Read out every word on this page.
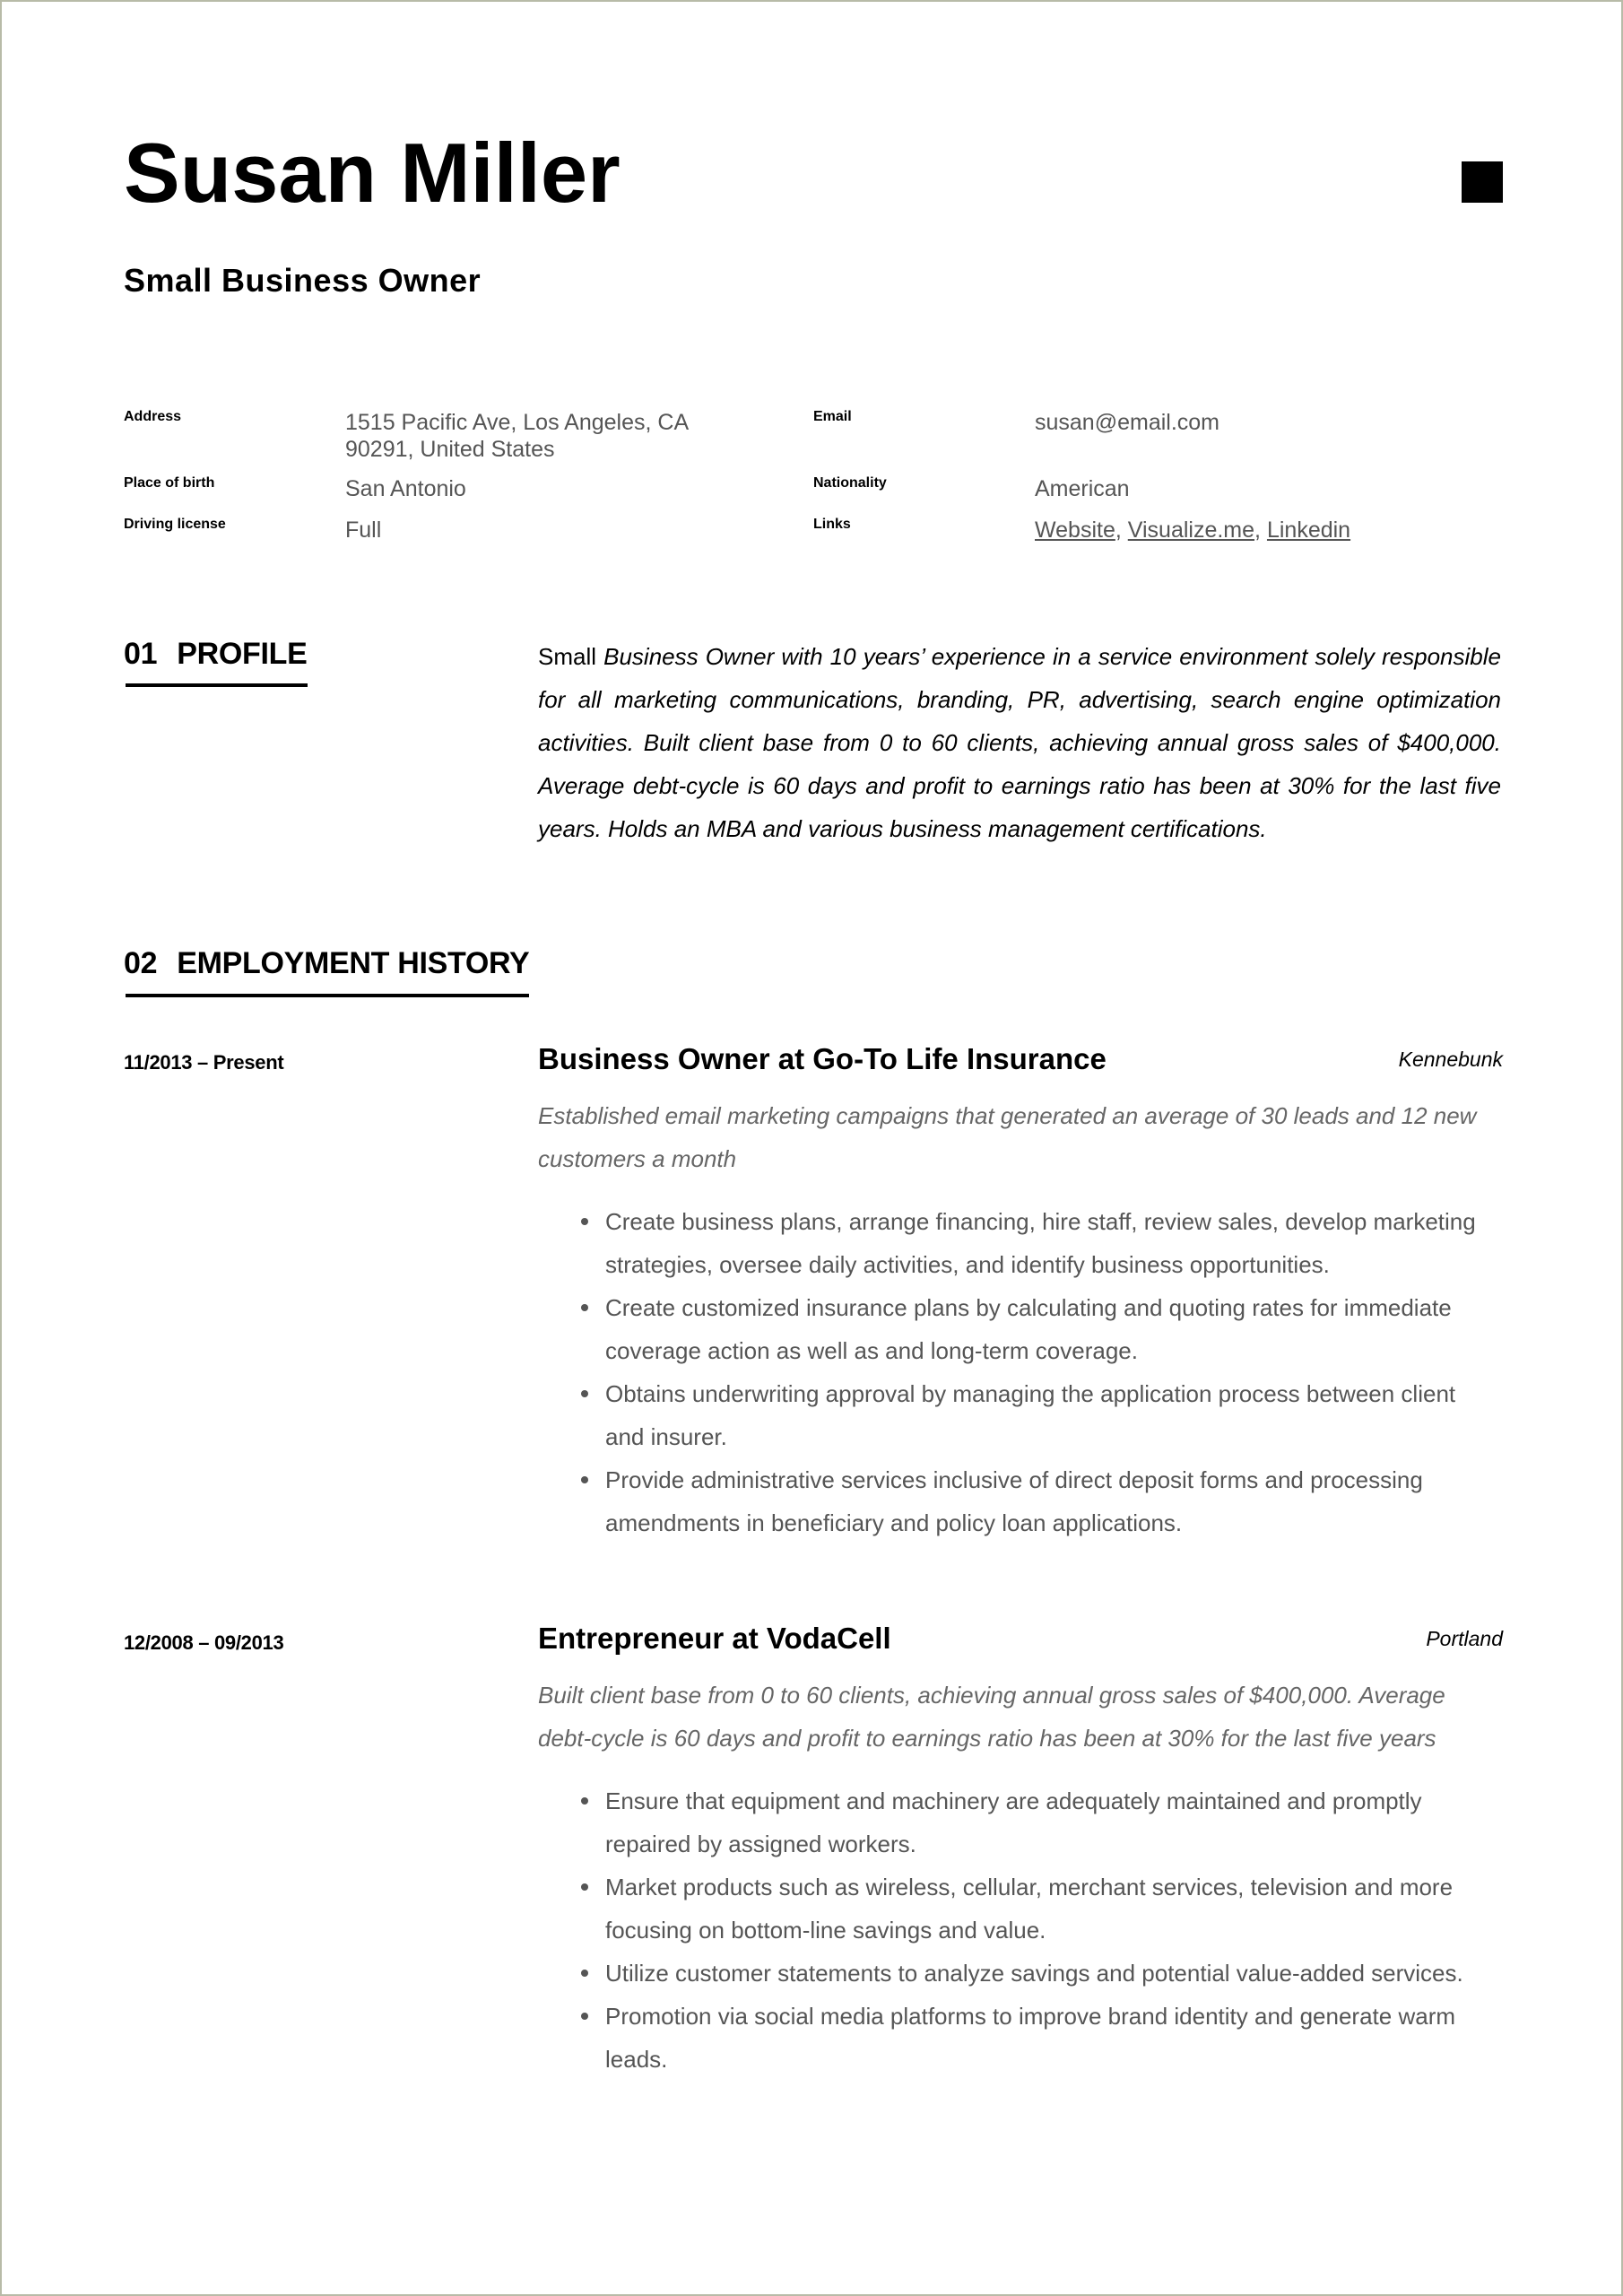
Susan Miller
Small Business Owner
Address	1515 Pacific Ave, Los Angeles, CA
90291, United States
Place of birth	San Antonio
Driving license	Full
Email	susan@email.com
Nationality	American
Links	Website, Visualize.me, Linkedin
01 PROFILE	Small Business Owner with 10 years’ experience in a service environment solely responsible for all marketing communications, branding, PR, advertising, search engine optimization activities. Built client base from 0 to 60 clients, achieving annual gross sales of $400,000. Average debt-cycle is 60 days and profit to earnings ratio has been at 30% for the last five years. Holds an MBA and various business management certifications.
02 EMPLOYMENT HISTORY
11/2013 – Present	Business Owner at Go-To Life Insurance	Kennebunk
Established email marketing campaigns that generated an average of 30 leads and 12 new customers a month
Create business plans, arrange financing, hire staff, review sales, develop marketing strategies, oversee daily activities, and identify business opportunities.
Create customized insurance plans by calculating and quoting rates for immediate coverage action as well as and long-term coverage.
Obtains underwriting approval by managing the application process between client and insurer.
Provide administrative services inclusive of direct deposit forms and processing amendments in beneficiary and policy loan applications.
12/2008 – 09/2013	Entrepreneur at VodaCell	Portland
Built client base from 0 to 60 clients, achieving annual gross sales of $400,000. Average debt-cycle is 60 days and profit to earnings ratio has been at 30% for the last five years
Ensure that equipment and machinery are adequately maintained and promptly repaired by assigned workers.
Market products such as wireless, cellular, merchant services, television and more focusing on bottom-line savings and value.
Utilize customer statements to analyze savings and potential value-added services.
Promotion via social media platforms to improve brand identity and generate warm leads.
